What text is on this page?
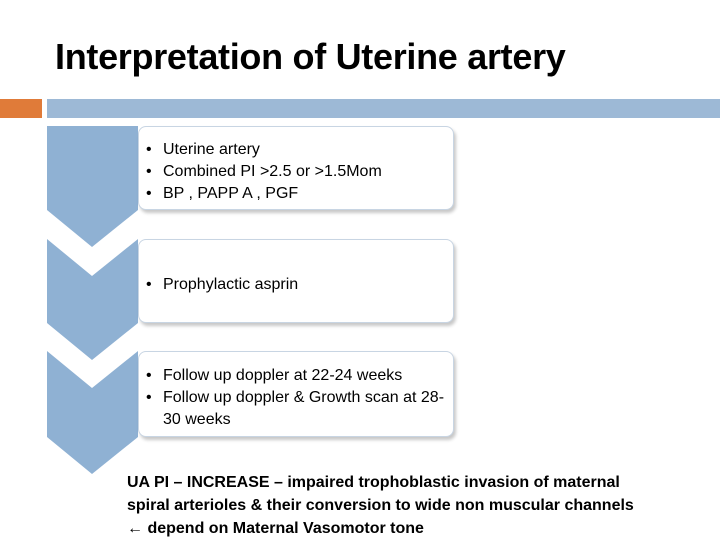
Interpretation of Uterine artery
• Uterine artery
• Combined PI >2.5 or >1.5Mom
• BP , PAPP A , PGF
• Prophylactic asprin
• Follow up doppler at 22-24 weeks
• Follow up doppler & Growth scan at 28-30 weeks
UA PI – INCREASE – impaired trophoblastic invasion of maternal
spiral arterioles & their conversion to wide non muscular channels
← depend on Maternal Vasomotor tone
